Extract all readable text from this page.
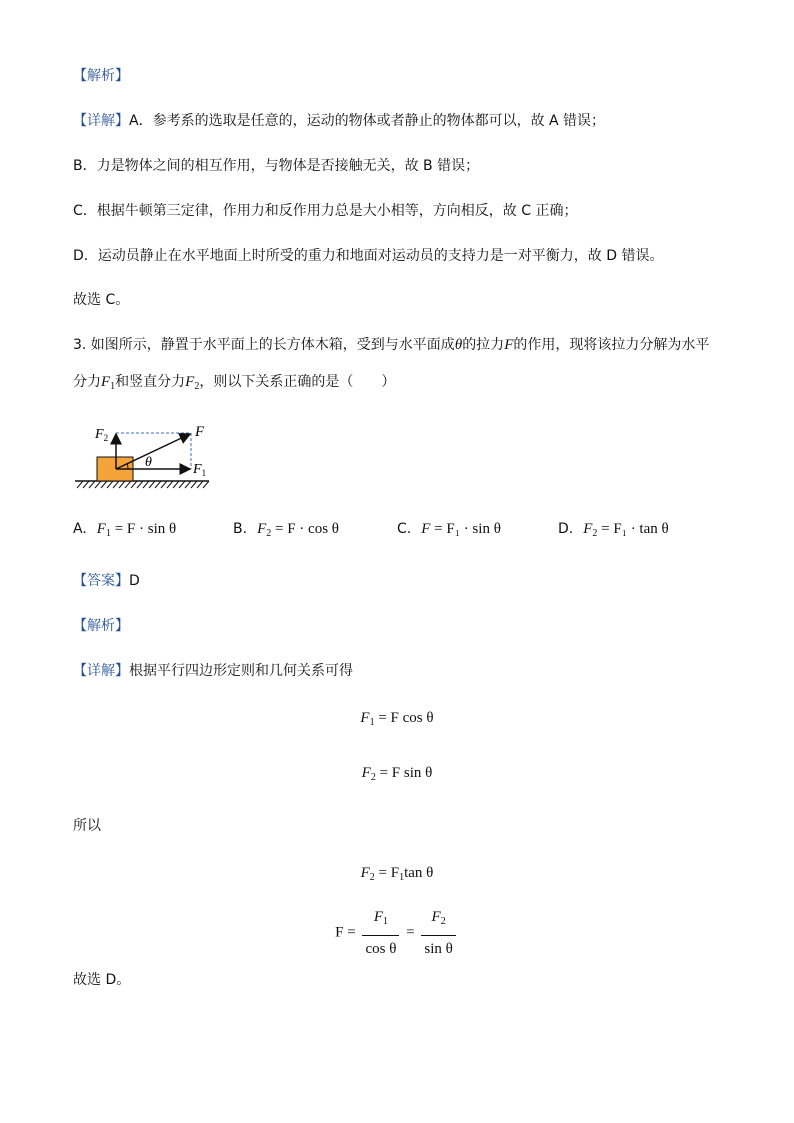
【解析】
【详解】A．参考系的选取是任意的，运动的物体或者静止的物体都可以，故 A 错误；
B．力是物体之间的相互作用，与物体是否接触无关，故 B 错误；
C．根据牛顿第三定律，作用力和反作用力总是大小相等，方向相反，故 C 正确；
D．运动员静止在水平地面上时所受的重力和地面对运动员的支持力是一对平衡力，故 D 错误。
故选 C。
3. 如图所示，静置于水平面上的长方体木箱，受到与水平面成θ的拉力F的作用，现将该拉力分解为水平
分力$F_1$和竖直分力$F_2$，则以下关系正确的是（　　）
$F_2$	F
$F_1$
θ
A. $F_1 = F \cdot \sin \theta$	B. $F_2 = F \cdot \cos \theta$	C. F = F₁ · sin θ	D. $F_2 = F_1 \cdot \tan \theta$
【答案】D
【解析】
【详解】根据平行四边形定则和几何关系可得
$F_1 = F$ cos θ
$F_2 = F$ sin θ
所以
$F_2 = F_1\tan$ θ
$F = \frac{F_1}{\text{cos θ}} = \frac{F_2}{\text{sin θ}}$
故选 D。
